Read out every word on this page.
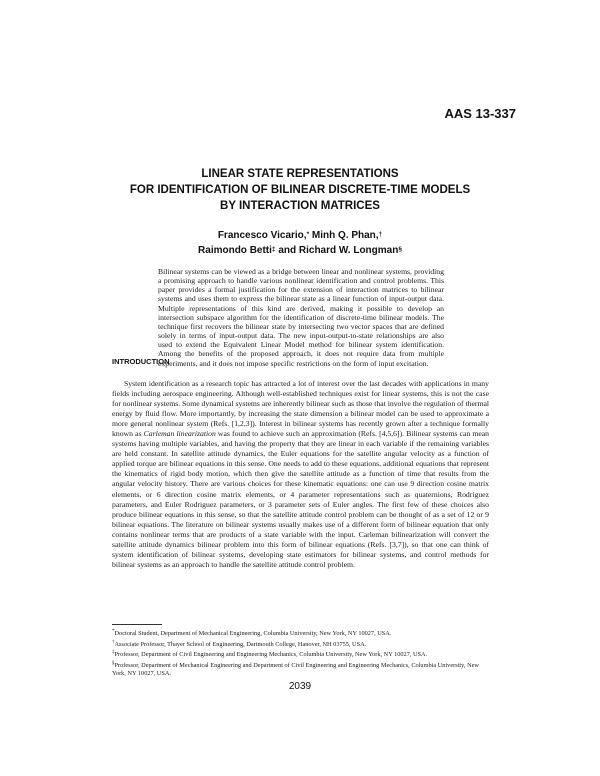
AAS 13-337
LINEAR STATE REPRESENTATIONS
FOR IDENTIFICATION OF BILINEAR DISCRETE-TIME MODELS
BY INTERACTION MATRICES
Francesco Vicario,* Minh Q. Phan,†
Raimondo Betti‡ and Richard W. Longman§

Bilinear systems can be viewed as a bridge between linear and nonlinear systems, providing a promising approach to handle various nonlinear identification and control problems. This paper provides a formal justification for the extension of interaction matrices to bilinear systems and uses them to express the bilinear state as a linear function of input-output data. Multiple representations of this kind are derived, making it possible to develop an intersection subspace algorithm for the identification of discrete-time bilinear models. The technique first recovers the bilinear state by intersecting two vector spaces that are defined solely in terms of input-output data. The new input-output-to-state relationships are also used to extend the Equivalent Linear Model method for bilinear system identification. Among the benefits of the proposed approach, it does not require data from multiple experiments, and it does not impose specific restrictions on the form of input excitation.

INTRODUCTION

System identification as a research topic has attracted a lot of interest over the last decades with applications in many fields including aerospace engineering. Although well-established techniques exist for linear systems, this is not the case for nonlinear systems. Some dynamical systems are inherently bilinear such as those that involve the regulation of thermal energy by fluid flow. More importantly, by increasing the state dimension a bilinear model can be used to approximate a more general nonlinear system (Refs. [1,2,3]). Interest in bilinear systems has recently grown after a technique formally known as Carleman linearization was found to achieve such an approximation (Refs. [4,5,6]). Bilinear systems can mean systems having multiple variables, and having the property that they are linear in each variable if the remaining variables are held constant. In satellite attitude dynamics, the Euler equations for the satellite angular velocity as a function of applied torque are bilinear equations in this sense. One needs to add to these equations, additional equations that represent the kinematics of rigid body motion, which then give the satellite attitude as a function of time that results from the angular velocity history. There are various choices for these kinematic equations: one can use 9 direction cosine matrix elements, or 6 direction cosine matrix elements, or 4 parameter representations such as quaternions, Rodriguez parameters, and Euler Rodriguez parameters, or 3 parameter sets of Euler angles. The first few of these choices also produce bilinear equations in this sense, so that the satellite attitude control problem can be thought of as a set of 12 or 9 bilinear equations. The literature on bilinear systems usually makes use of a different form of bilinear equation that only contains nonlinear terms that are products of a state variable with the input. Carleman bilinearization will convert the satellite attitude dynamics bilinear problem into this form of bilinear equations (Refs. [3,7]), so that one can think of system identification of bilinear systems, developing state estimators for bilinear systems, and control methods for bilinear systems as an approach to handle the satellite attitude control problem.

*Doctoral Student, Department of Mechanical Engineering, Columbia University, New York, NY 10027, USA.
†Associate Professor, Thayer School of Engineering, Dartmouth College, Hanover, NH 03755, USA.
‡Professor, Department of Civil Engineering and Engineering Mechanics, Columbia University, New York, NY 10027, USA.
§Professor, Department of Mechanical Engineering and Department of Civil Engineering and Engineering Mechanics, Columbia University, New York, NY 10027, USA.
2039
